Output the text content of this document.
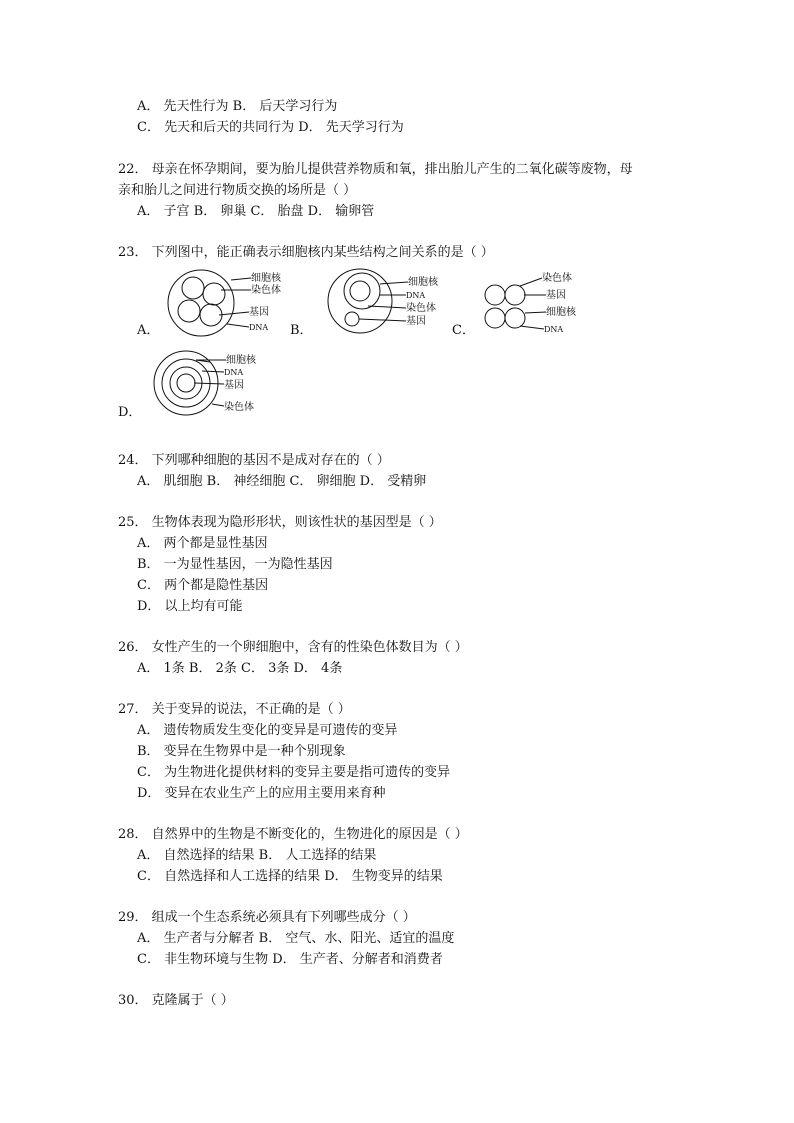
A． 先天性行为 B． 后天学习行为
C． 先天和后天的共同行为 D． 先天学习行为
22． 母亲在怀孕期间，要为胎儿提供营养物质和氧，排出胎儿产生的二氧化碳等废物，母
亲和胎儿之间进行物质交换的场所是（ ）
A． 子宫 B． 卵巢 C． 胎盘 D． 输卵管
23． 下列图中，能正确表示细胞核内某些结构之间关系的是（ ）
A．
细胞核
染色体
基因
DNA B．
细胞核
DNA
染色体
基因
C．
染色体
基因
细胞核
DNA
D．
细胞核
DNA
基因
染色体
24． 下列哪种细胞的基因不是成对存在的（ ）
A． 肌细胞 B． 神经细胞 C． 卵细胞 D． 受精卵
25． 生物体表现为隐形形状，则该性状的基因型是（ ）
A． 两个都是显性基因
B． 一为显性基因，一为隐性基因
C． 两个都是隐性基因
D． 以上均有可能
26． 女性产生的一个卵细胞中，含有的性染色体数目为（ ）
A． 1条 B． 2条 C． 3条 D． 4条
27． 关于变异的说法，不正确的是（ ）
A． 遗传物质发生变化的变异是可遗传的变异
B． 变异在生物界中是一种个别现象
C． 为生物进化提供材料的变异主要是指可遗传的变异
D． 变异在农业生产上的应用主要用来育种
28． 自然界中的生物是不断变化的，生物进化的原因是（ ）
A． 自然选择的结果 B． 人工选择的结果
C． 自然选择和人工选择的结果 D． 生物变异的结果
29． 组成一个生态系统必须具有下列哪些成分（ ）
A． 生产者与分解者 B． 空气、水、阳光、适宜的温度
C． 非生物环境与生物 D． 生产者、分解者和消费者
30． 克隆属于（ ）
